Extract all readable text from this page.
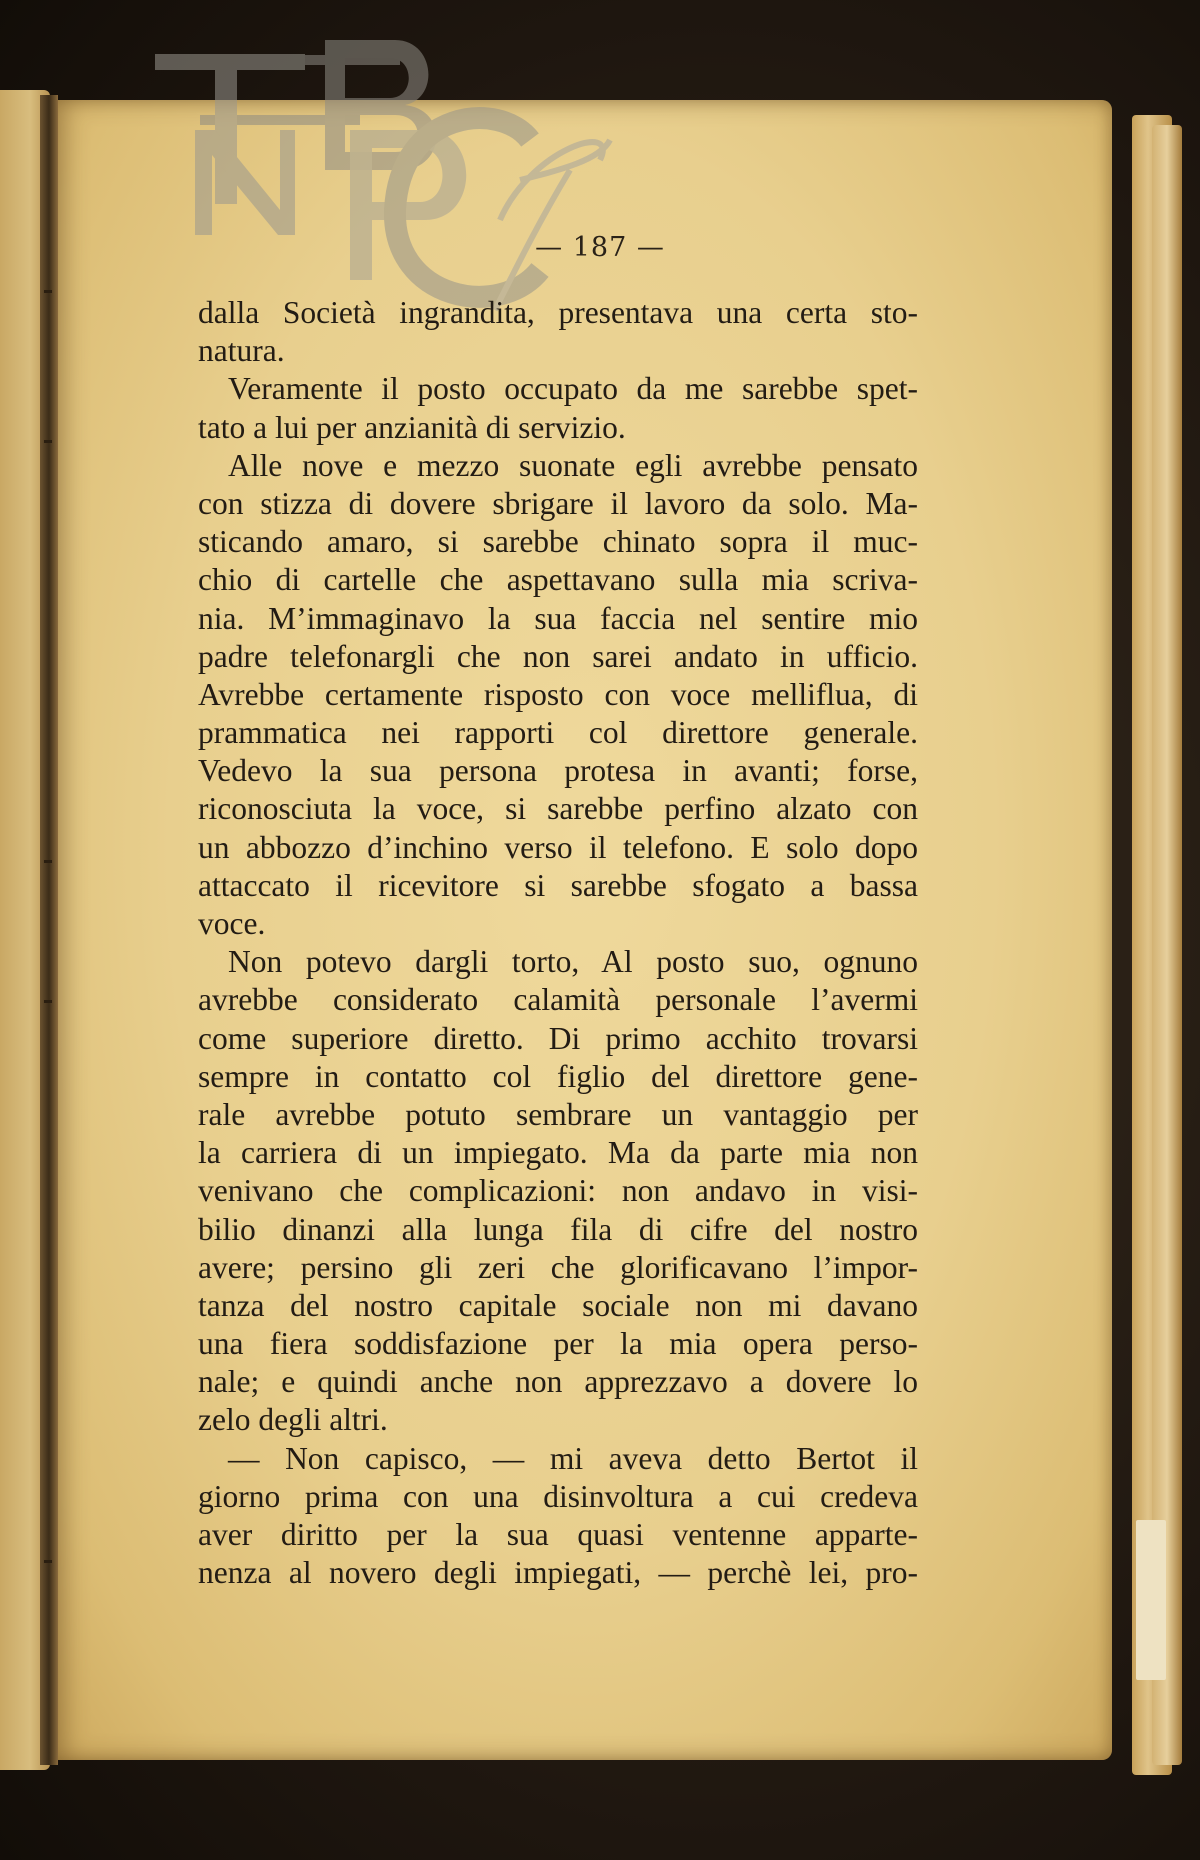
— 187 —
dalla Società ingrandita, presentava una certa sto-
natura.
Veramente il posto occupato da me sarebbe spet-
tato a lui per anzianità di servizio.
Alle nove e mezzo suonate egli avrebbe pensato
con stizza di dovere sbrigare il lavoro da solo. Ma-
sticando amaro, si sarebbe chinato sopra il muc-
chio di cartelle che aspettavano sulla mia scriva-
nia. M’immaginavo la sua faccia nel sentire mio
padre telefonargli che non sarei andato in ufficio.
Avrebbe certamente risposto con voce melliflua, di
prammatica nei rapporti col direttore generale.
Vedevo la sua persona protesa in avanti; forse,
riconosciuta la voce, si sarebbe perfino alzato con
un abbozzo d’inchino verso il telefono. E solo dopo
attaccato il ricevitore si sarebbe sfogato a bassa
voce.
Non potevo dargli torto, Al posto suo, ognuno
avrebbe considerato calamità personale l’avermi
come superiore diretto. Di primo acchito trovarsi
sempre in contatto col figlio del direttore gene-
rale avrebbe potuto sembrare un vantaggio per
la carriera di un impiegato. Ma da parte mia non
venivano che complicazioni: non andavo in visi-
bilio dinanzi alla lunga fila di cifre del nostro
avere; persino gli zeri che glorificavano l’impor-
tanza del nostro capitale sociale non mi davano
una fiera soddisfazione per la mia opera perso-
nale; e quindi anche non apprezzavo a dovere lo
zelo degli altri.
— Non capisco, — mi aveva detto Bertot il
giorno prima con una disinvoltura a cui credeva
aver diritto per la sua quasi ventenne apparte-
nenza al novero degli impiegati, — perchè lei, pro-
